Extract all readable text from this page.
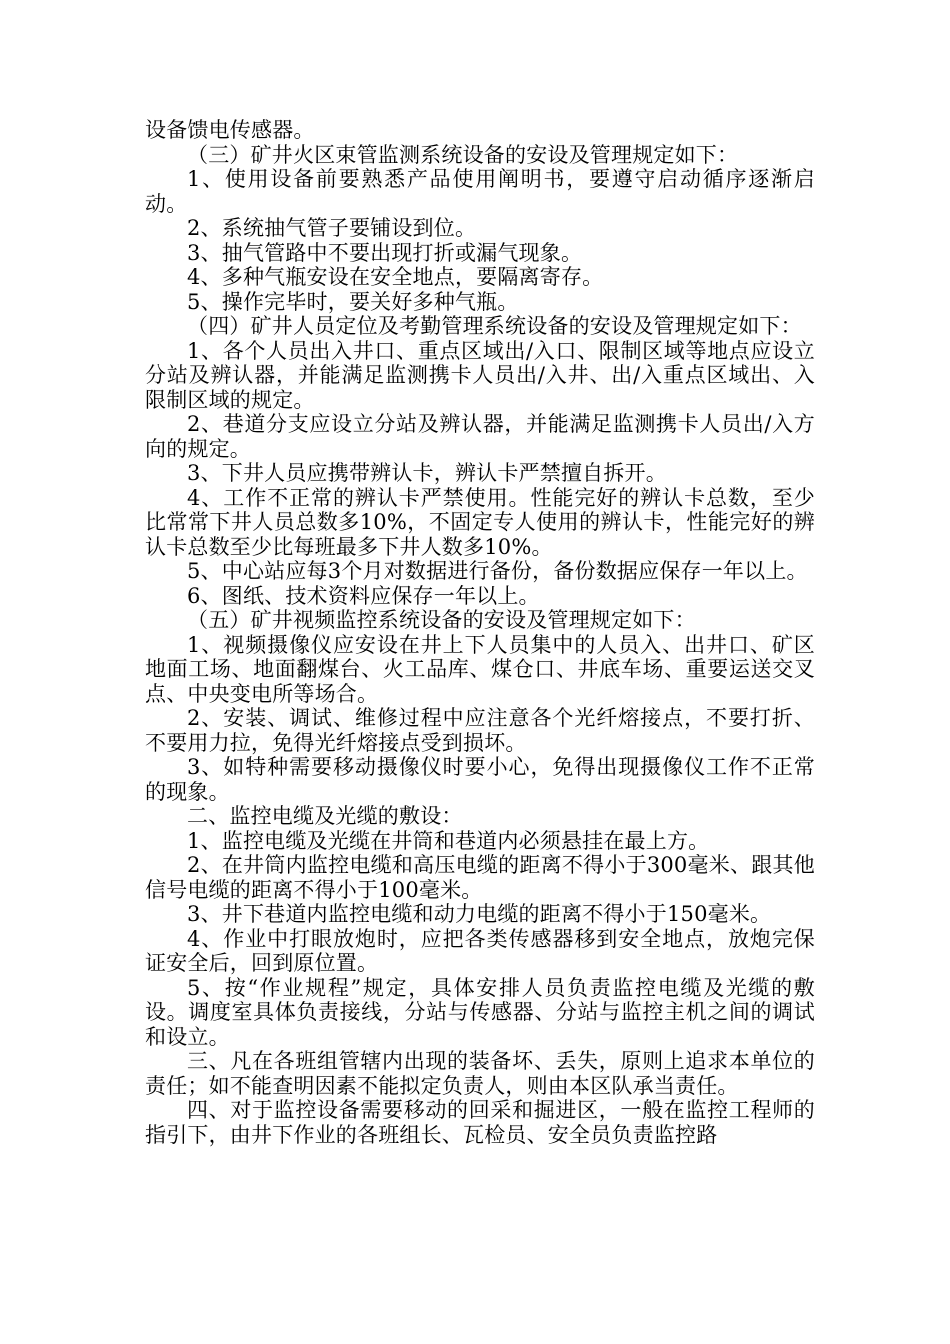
设备馈电传感器。

（三）矿井火区束管监测系统设备的安设及管理规定如下：

1、使用设备前要熟悉产品使用阐明书，要遵守启动循序逐渐启动。

2、系统抽气管子要铺设到位。

3、抽气管路中不要出现打折或漏气现象。

4、多种气瓶安设在安全地点，要隔离寄存。

5、操作完毕时，要关好多种气瓶。

（四）矿井人员定位及考勤管理系统设备的安设及管理规定如下：

1、各个人员出入井口、重点区域出/入口、限制区域等地点应设立分站及辨认器，并能满足监测携卡人员出/入井、出/入重点区域出、入限制区域的规定。

2、巷道分支应设立分站及辨认器，并能满足监测携卡人员出/入方向的规定。

3、下井人员应携带辨认卡，辨认卡严禁擅自拆开。

4、工作不正常的辨认卡严禁使用。性能完好的辨认卡总数，至少比常常下井人员总数多10%，不固定专人使用的辨认卡，性能完好的辨认卡总数至少比每班最多下井人数多10%。

5、中心站应每3个月对数据进行备份，备份数据应保存一年以上。

6、图纸、技术资料应保存一年以上。

（五）矿井视频监控系统设备的安设及管理规定如下：

1、视频摄像仪应安设在井上下人员集中的人员入、出井口、矿区地面工场、地面翻煤台、火工品库、煤仓口、井底车场、重要运送交叉点、中央变电所等场合。

2、安装、调试、维修过程中应注意各个光纤熔接点，不要打折、不要用力拉，免得光纤熔接点受到损坏。

3、如特种需要移动摄像仪时要小心，免得出现摄像仪工作不正常的现象。

二、监控电缆及光缆的敷设：

1、监控电缆及光缆在井筒和巷道内必须悬挂在最上方。

2、在井筒内监控电缆和高压电缆的距离不得小于300毫米、跟其他信号电缆的距离不得小于100毫米。

3、井下巷道内监控电缆和动力电缆的距离不得小于150毫米。

4、作业中打眼放炮时，应把各类传感器移到安全地点，放炮完保证安全后，回到原位置。

5、按“作业规程”规定，具体安排人员负责监控电缆及光缆的敷设。调度室具体负责接线，分站与传感器、分站与监控主机之间的调试和设立。

三、凡在各班组管辖内出现的装备坏、丢失，原则上追求本单位的责任；如不能查明因素不能拟定负责人，则由本区队承当责任。

四、对于监控设备需要移动的回采和掘进区，一般在监控工程师的指引下，由井下作业的各班组长、瓦检员、安全员负责监控路
